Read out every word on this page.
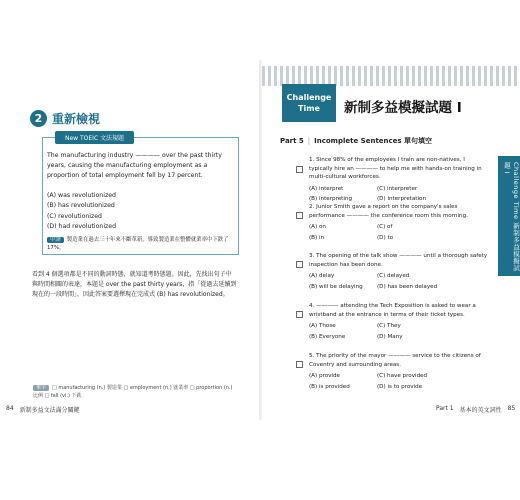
2 重新檢視
New TOEIC 文法規題
The manufacturing industry ———— over the past thirty years, causing the manufacturing employment as a proportion of total employment fell by 17 percent.
(A) was revolutionized
(B) has revolutionized
(C) revolutionized
(D) had revolutionized
中譯 製造業在過去三十年來不斷革新，導致製造業在整體就業率中下跌了 17%。
看到 4 個選項都是不同的動詞時態，就知道考時態題。因此，先找出句子中與時間相關的表達，本題是 over the past thirty years，指「從過去延續到現在的一段時間」，因此答案要選擇現在完成式 (B) has revolutionized。
單字 □ manufacturing (n.) 製造業 □ employment (n.) 就業率 □ proportion (n.) 比例 □ fall (vi.) 下跌
84 新制多益文法滿分關鍵
Challenge Time	新制多益模擬試題 I
Part 5 | Incomplete Sentences 單句填空
Challenge Time 新制多益模擬試題 I
1. Since 98% of the employees I train are non-natives, I typically hire an ———— to help me with hands-on training in multi-cultural workforces.
(A) interpret	(C) interpreter
(B) interpreting	(D) interpretation
2. Junior Smith gave a report on the company's sales performance ———— the conference room this morning.
(A) on	(C) of
(B) in	(D) to
3. The opening of the talk show ———— until a thorough safety inspection has been done.
(A) delay	(C) delayed
(B) will be delaying	(D) has been delayed
4. ———— attending the Tech Exposition is asked to wear a wristband at the entrance in terms of their ticket types.
(A) Those	(C) They
(B) Everyone	(D) Many
5. The priority of the mayor ———— service to the citizens of Coventry and surrounding areas.
(A) provide	(C) have provided
(B) is provided	(D) is to provide
Part 1 基本的英文詞性 85
